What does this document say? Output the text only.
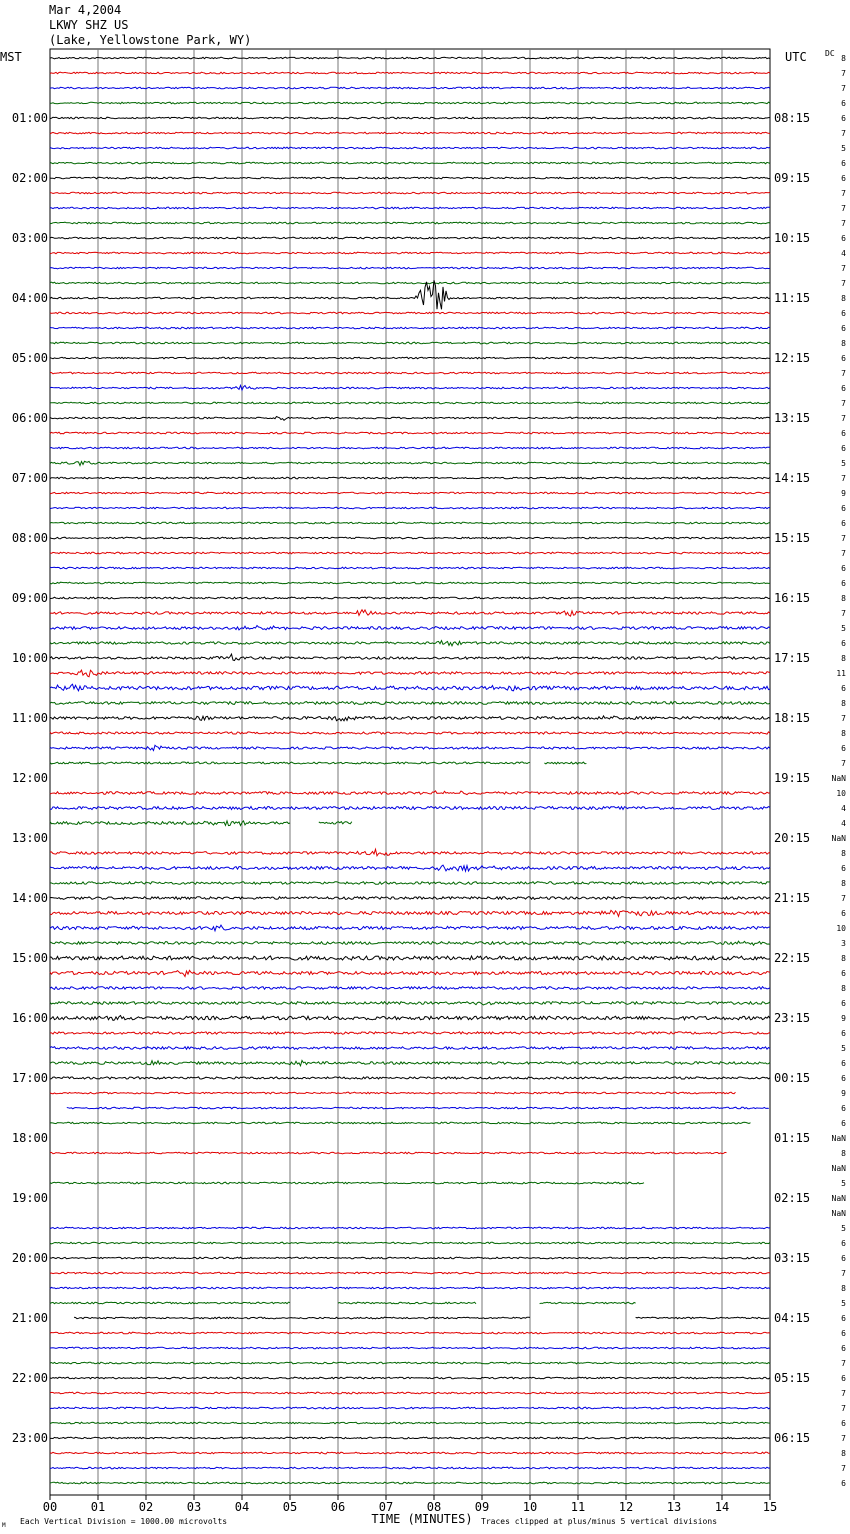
Mar 4,2004
LKWY SHZ US
(Lake, Yellowstone Park, WY)
MST	UTC DC
TIME (MINUTES)
Each Vertical Division = 1000.00 microvolts	Traces clipped at plus/minus 5 vertical divisions
M
00	01	02	03	04	05	06	07	08	09	10	11	12	13	14	15
01:00
02:00
03:00
04:00
05:00
06:00
07:00
08:00
09:00
10:00
11:00
12:00
13:00
14:00
15:00
16:00
17:00
18:00
19:00
20:00
21:00
22:00
23:00
08:15
09:15
10:15
11:15
12:15
13:15
14:15
15:15
16:15
17:15
18:15
19:15
20:15
21:15
22:15
23:15
00:15
01:15
02:15
03:15
04:15
05:15
06:15
8
7
7
6
6
7
5
6
6
7
7
7
6
4
7
7
8
6
6
8
6
7
6
7
7
6
6
5
7
9
6
6
7
7
6
6
8
7
5
6
8
11
6
8
7
8
6
7
NaN
10
4
4
NaN
8
6
8
7
6
10
3
8
6
8
6
9
6
5
6
6
9
6
6
NaN
8
NaN
5
NaN
NaN
5
6
6
7
8
5
6
6
6
7
6
7
7
6
7
8
7
6
